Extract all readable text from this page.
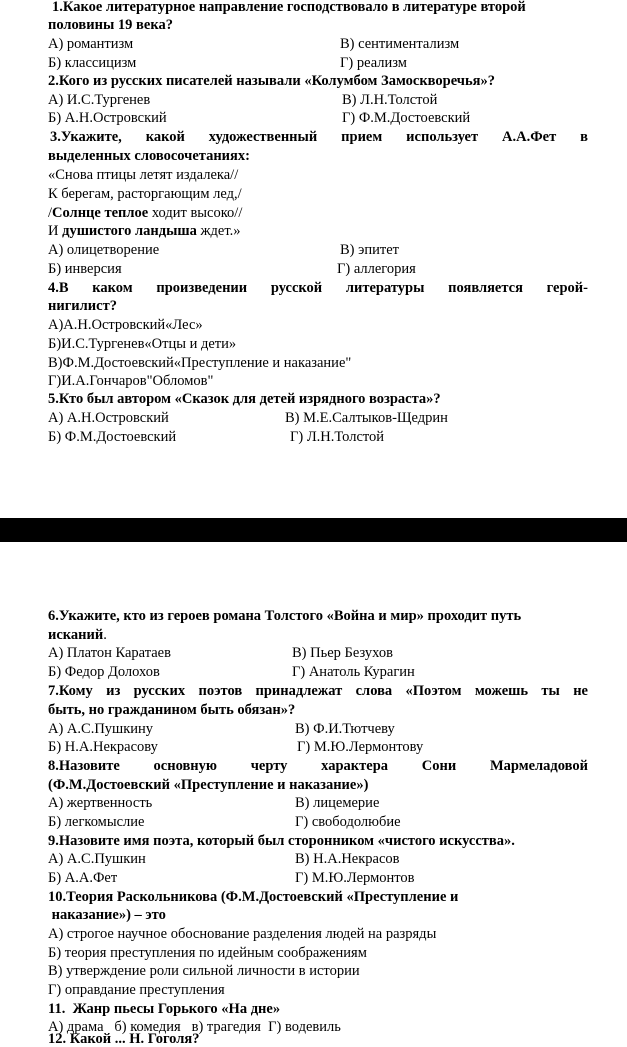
1.Какое литературное направление господствовало в литературе второй
половины 19 века?
А) романтизм	В) сентиментализм
Б) классицизм	Г) реализм
2.Кого из русских писателей называли «Колумбом Замоскворечья»?
А) И.С.Тургенев	В) Л.Н.Толстой
Б) А.Н.Островский	Г) Ф.М.Достоевский
3.Укажите, какой художественный прием использует А.А.Фет в
выделенных словосочетаниях:
«Снова птицы летят издалека//
К берегам, расторгающим лед,/
/Солнце теплое ходит высоко//
И душистого ландыша ждет.»
А) олицетворение	В) эпитет
Б) инверсия	Г) аллегория
4.В каком произведении русской литературы появляется герой-
нигилист?
А)А.Н.Островский«Лес»
Б)И.С.Тургенев«Отцы и дети»
В)Ф.М.Достоевский«Преступление и наказание"
Г)И.А.Гончаров"Обломов"
5.Кто был автором «Сказок для детей изрядного возраста»?
А) А.Н.Островский	В) М.Е.Салтыков-Щедрин
Б) Ф.М.Достоевский	Г) Л.Н.Толстой
6.Укажите, кто из героев романа Толстого «Война и мир» проходит путь
исканий.
А) Платон Каратаев	В) Пьер Безухов
Б) Федор Долохов	Г) Анатоль Курагин
7.Кому из русских поэтов принадлежат слова «Поэтом можешь ты не
быть, но гражданином быть обязан»?
А) А.С.Пушкину	В) Ф.И.Тютчеву
Б) Н.А.Некрасову	Г) М.Ю.Лермонтову
8.Назовите основную черту характера Сони Мармеладовой
(Ф.М.Достоевский «Преступление и наказание»)
А) жертвенность	В) лицемерие
Б) легкомыслие	Г) свободолюбие
9.Назовите имя поэта, который был сторонником «чистого искусства».
А) А.С.Пушкин	В) Н.А.Некрасов
Б) А.А.Фет	Г) М.Ю.Лермонтов
10.Теория Раскольникова (Ф.М.Достоевский «Преступление и
наказание») – это
А) строгое научное обоснование разделения людей на разряды
Б) теория преступления по идейным соображениям
В) утверждение роли сильной личности в истории
Г) оправдание преступления
11.  Жанр пьесы Горького «На дне»
А) драма   б) комедия   в) трагедия  Г) водевиль
12. Какой ... Н. Гоголя?
